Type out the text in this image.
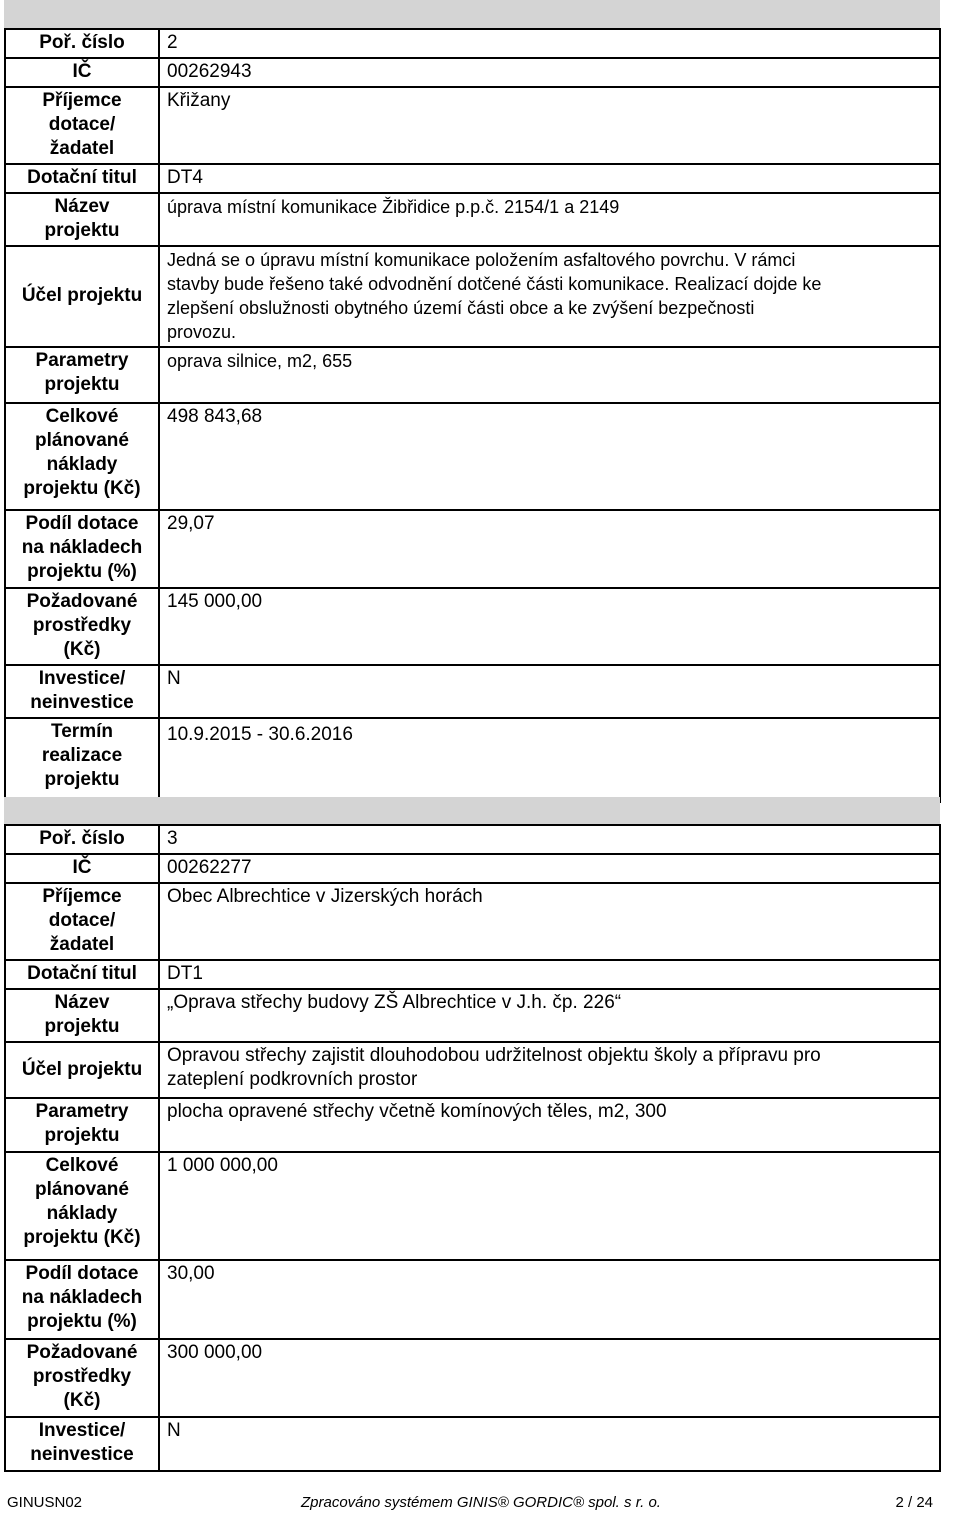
Poř. číslo	2
IČ	00262943
Příjemce
dotace/
žadatel	Křižany
Dotační titul	DT4
Název
projektu	úprava místní komunikace Žibřidice p.p.č. 2154/1 a 2149
Účel projektu	Jedná se o úpravu místní komunikace položením asfaltového povrchu. V rámci
stavby bude řešeno také odvodnění dotčené části komunikace. Realizací dojde ke
zlepšení obslužnosti obytného území části obce a ke zvýšení bezpečnosti
provozu.
Parametry
projektu	oprava silnice, m2, 655
Celkové
plánované
náklady
projektu (Kč)	498 843,68
Podíl dotace
na nákladech
projektu (%)	29,07
Požadované
prostředky
(Kč)	145 000,00
Investice/
neinvestice	N
Termín
realizace
projektu	10.9.2015 - 30.6.2016
Poř. číslo	3
IČ	00262277
Příjemce
dotace/
žadatel	Obec Albrechtice v Jizerských horách
Dotační titul	DT1
Název
projektu	„Oprava střechy budovy ZŠ Albrechtice v J.h. čp. 226“
Účel projektu	Opravou střechy zajistit dlouhodobou udržitelnost objektu školy a přípravu pro
zateplení podkrovních prostor
Parametry
projektu	plocha opravené střechy včetně komínových těles, m2, 300
Celkové
plánované
náklady
projektu (Kč)	1 000 000,00
Podíl dotace
na nákladech
projektu (%)	30,00
Požadované
prostředky
(Kč)	300 000,00
Investice/
neinvestice	N
GINUSN02	Zpracováno systémem GINIS® GORDIC® spol. s r. o.	2 / 24
